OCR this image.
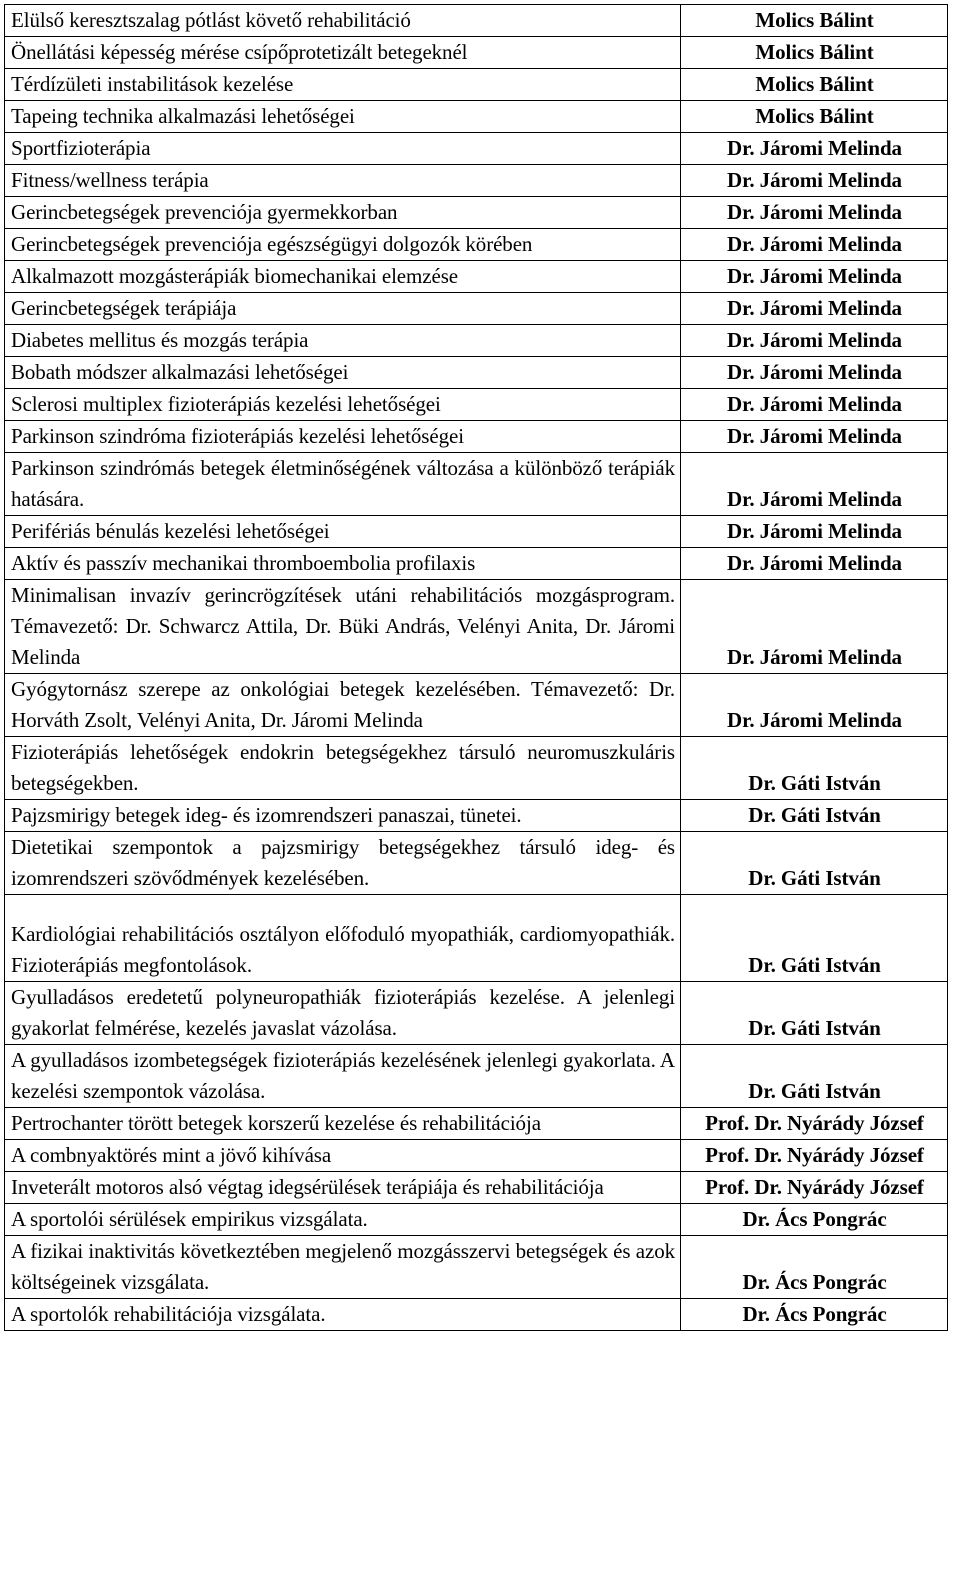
Elülső keresztszalag pótlást követő rehabilitáció	Molics Bálint
Önellátási képesség mérése csípőprotetizált betegeknél	Molics Bálint
Térdízületi instabilitások kezelése	Molics Bálint
Tapeing technika alkalmazási lehetőségei	Molics Bálint
Sportfizioterápia	Dr. Járomi Melinda
Fitness/wellness terápia	Dr. Járomi Melinda
Gerincbetegségek prevenciója gyermekkorban	Dr. Járomi Melinda
Gerincbetegségek prevenciója egészségügyi dolgozók körében	Dr. Járomi Melinda
Alkalmazott mozgásterápiák biomechanikai elemzése	Dr. Járomi Melinda
Gerincbetegségek terápiája	Dr. Járomi Melinda
Diabetes mellitus és mozgás terápia	Dr. Járomi Melinda
Bobath módszer alkalmazási lehetőségei	Dr. Járomi Melinda
Sclerosi multiplex fizioterápiás kezelési lehetőségei	Dr. Járomi Melinda
Parkinson szindróma fizioterápiás kezelési lehetőségei	Dr. Járomi Melinda
Parkinson szindrómás betegek életminőségének változása a különböző terápiák hatására.	Dr. Járomi Melinda
Perifériás bénulás kezelési lehetőségei	Dr. Járomi Melinda
Aktív és passzív mechanikai thromboembolia profilaxis	Dr. Járomi Melinda
Minimalisan invazív gerincrögzítések utáni rehabilitációs mozgásprogram. Témavezető: Dr. Schwarcz Attila, Dr. Büki András, Velényi Anita, Dr. Járomi Melinda	Dr. Járomi Melinda
Gyógytornász szerepe az onkológiai betegek kezelésében. Témavezető: Dr. Horváth Zsolt, Velényi Anita, Dr. Járomi Melinda	Dr. Járomi Melinda
Fizioterápiás lehetőségek endokrin betegségekhez társuló neuromuszkuláris betegségekben.	Dr. Gáti István
Pajzsmirigy betegek ideg- és izomrendszeri panaszai, tünetei.	Dr. Gáti István
Dietetikai szempontok a pajzsmirigy betegségekhez társuló ideg- és izomrendszeri szövődmények kezelésében.	Dr. Gáti István
Kardiológiai rehabilitációs osztályon előfoduló myopathiák, cardiomyopathiák. Fizioterápiás megfontolások.	Dr. Gáti István
Gyulladásos eredetetű polyneuropathiák fizioterápiás kezelése. A jelenlegi gyakorlat felmérése, kezelés javaslat vázolása.	Dr. Gáti István
A gyulladásos izombetegségek fizioterápiás kezelésének jelenlegi gyakorlata. A kezelési szempontok vázolása.	Dr. Gáti István
Pertrochanter törött betegek korszerű kezelése és rehabilitációja	Prof. Dr. Nyárády József
A combnyaktörés mint a jövő kihívása	Prof. Dr. Nyárády József
Inveterált motoros alsó végtag idegsérülések terápiája és rehabilitációja	Prof. Dr. Nyárády József
A sportolói sérülések empirikus vizsgálata.	Dr. Ács Pongrác
A fizikai inaktivitás következtében megjelenő mozgásszervi betegségek és azok költségeinek vizsgálata.	Dr. Ács Pongrác
A sportolók rehabilitációja vizsgálata.	Dr. Ács Pongrác
